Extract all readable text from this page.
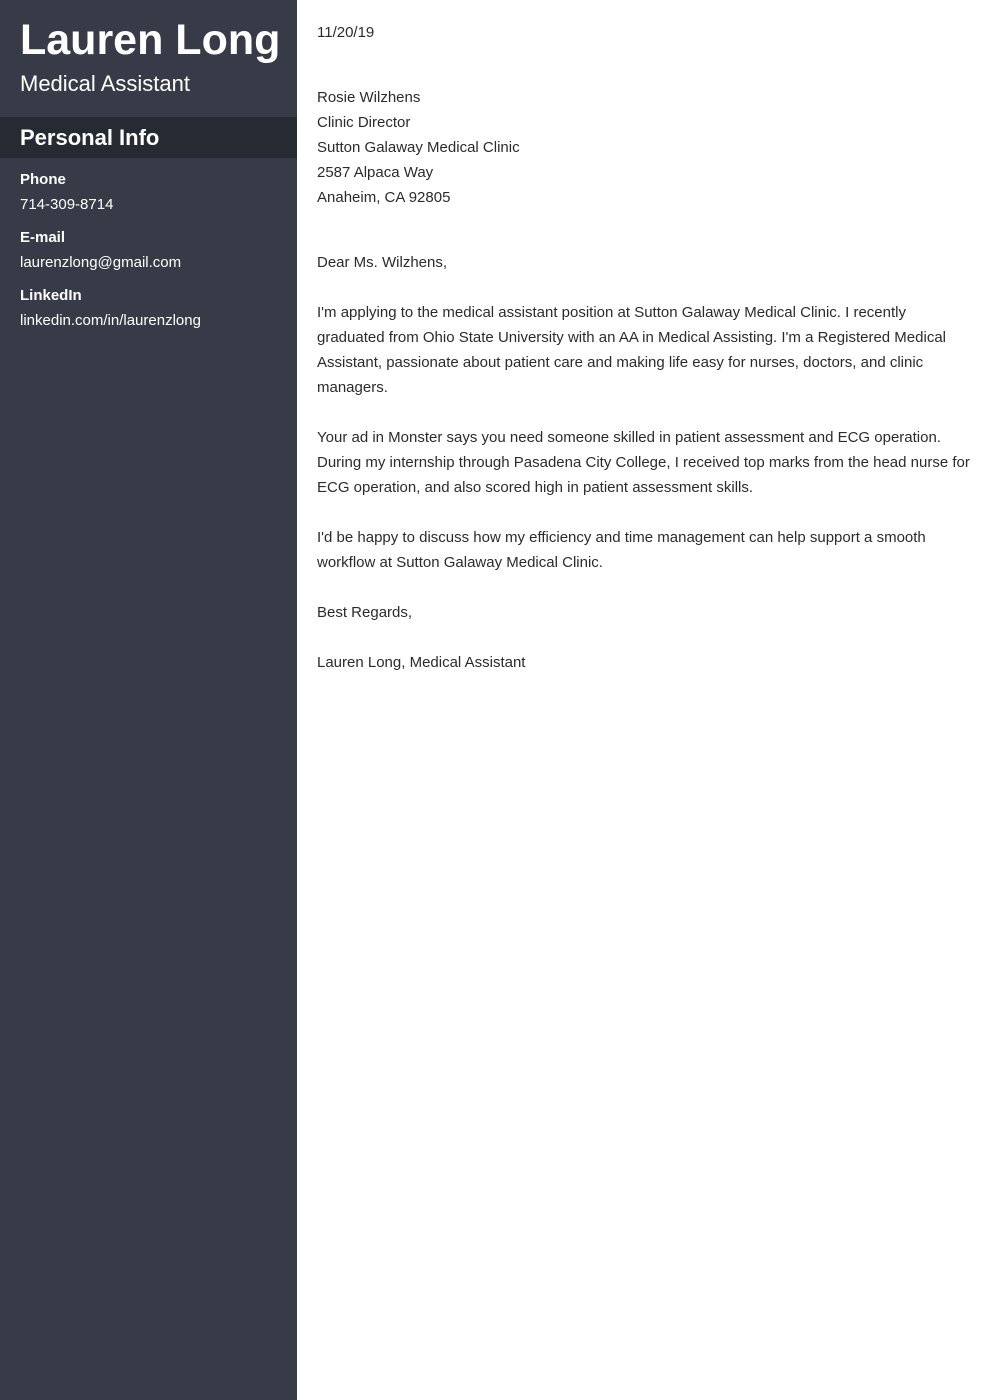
Lauren Long
Medical Assistant
Personal Info
Phone
714-309-8714
E-mail
laurenzlong@gmail.com
LinkedIn
linkedin.com/in/laurenzlong

11/20/19

Rosie Wilzhens

Clinic Director

Sutton Galaway Medical Clinic

2587 Alpaca Way

Anaheim, CA 92805

Dear Ms. Wilzhens,

I'm applying to the medical assistant position at Sutton Galaway Medical Clinic. I recently graduated from Ohio State University with an AA in Medical Assisting. I'm a Registered Medical Assistant, passionate about patient care and making life easy for nurses, doctors, and clinic managers.

Your ad in Monster says you need someone skilled in patient assessment and ECG operation. During my internship through Pasadena City College, I received top marks from the head nurse for ECG operation, and also scored high in patient assessment skills.

I'd be happy to discuss how my efficiency and time management can help support a smooth workflow at Sutton Galaway Medical Clinic.

Best Regards,

Lauren Long, Medical Assistant
